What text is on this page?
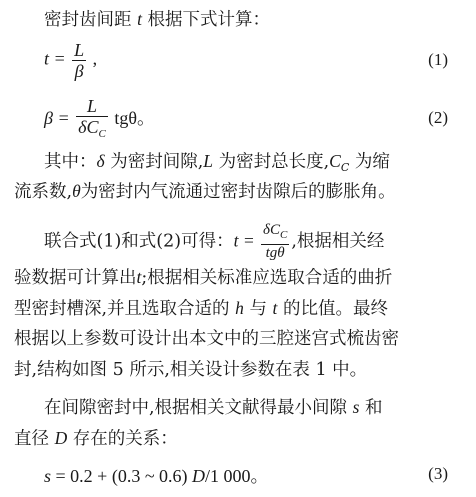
密封齿间距 t 根据下式计算：
$t = \frac{L}{\beta}$ ,	(1)
$\beta = \frac{L}{\delta C_C}$ tgθ。	(2)
其中：δ 为密封间隙,L 为密封总长度$,C_C$ 为缩
流系数,θ为密封内气流通过密封齿隙后的膨胀角。
联合式(1)和式(2)可得：$t = \frac{\delta C_C}{\text{tgθ}}$ ,根据相关经
验数据可计算出t;根据相关标准应选取合适的曲折
型密封槽深,并且选取合适的 h 与 t 的比值。最终
根据以上参数可设计出本文中的三腔迷宫式梳齿密
封,结构如图 5 所示,相关设计参数在表 1 中。
在间隙密封中,根据相关文献得最小间隙 s 和
直径 D 存在的关系：
s = 0.2 + (0.3 ~ 0.6) D/1 000。	(3)
